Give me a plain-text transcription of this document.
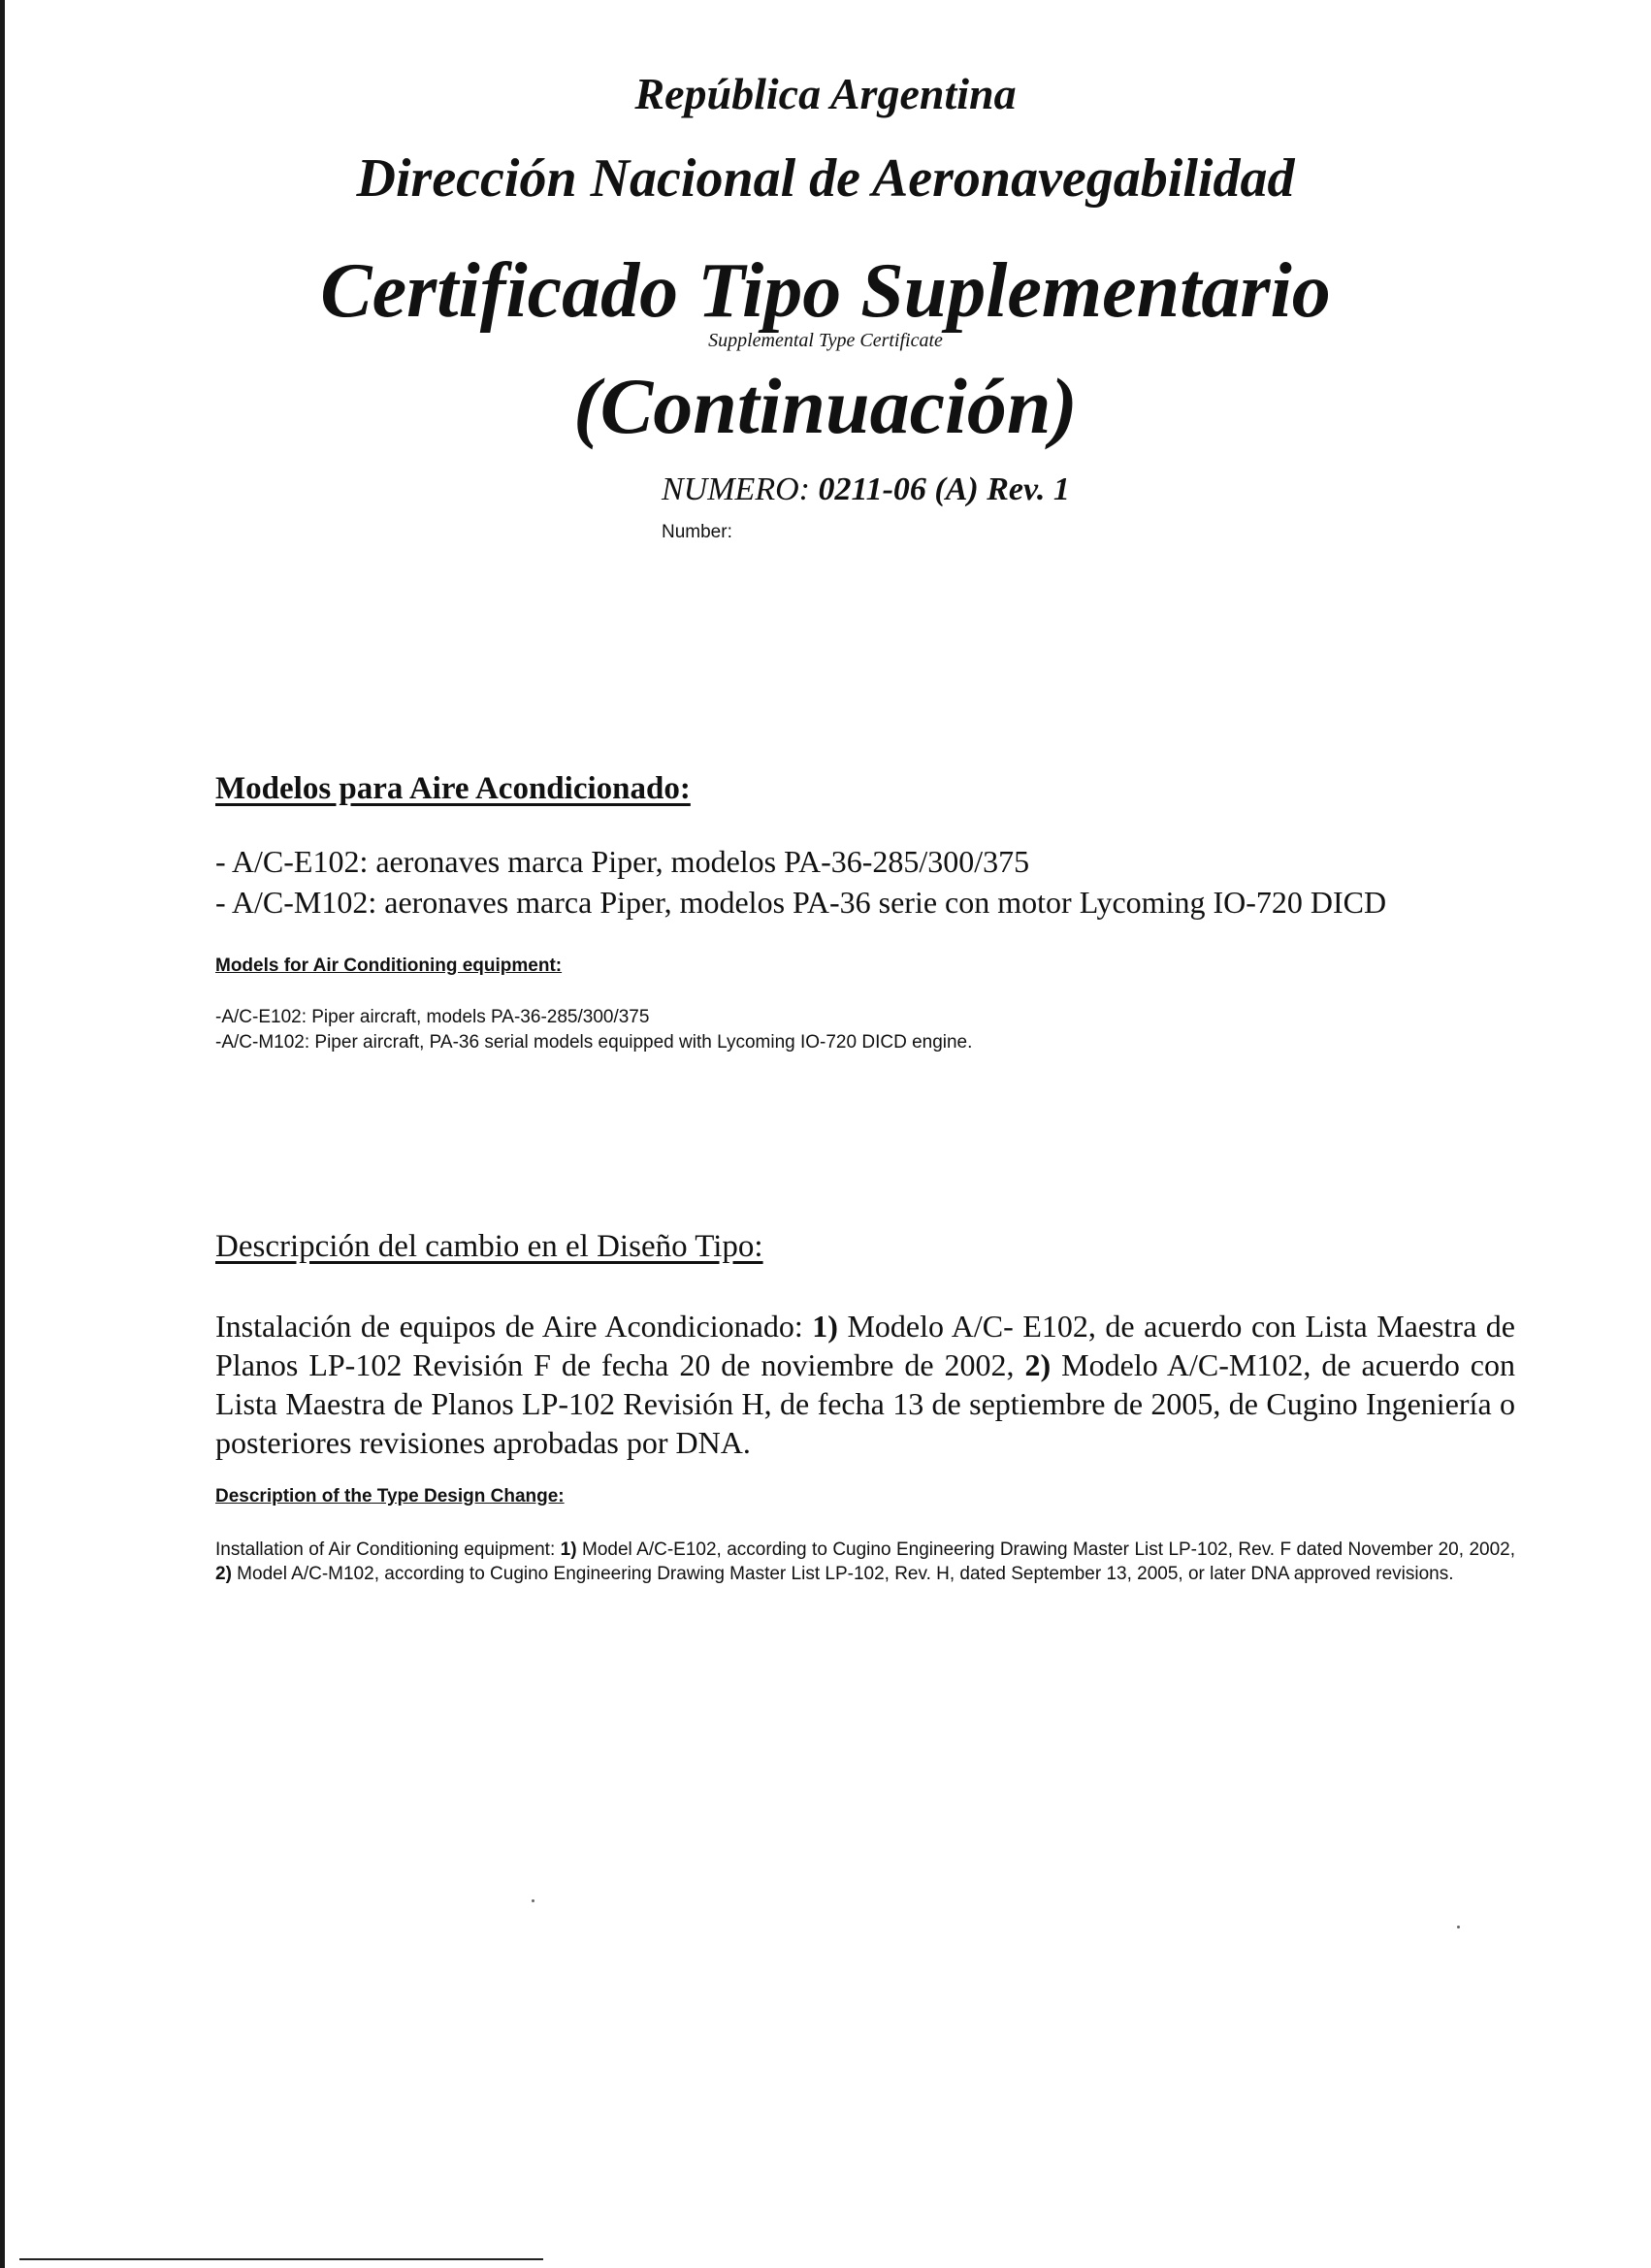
República Argentina
Dirección Nacional de Aeronavegabilidad
Certificado Tipo Suplementario
Supplemental Type Certificate
(Continuación)
NUMERO: 0211-06 (A) Rev. 1
Number:
Modelos para Aire Acondicionado:
- A/C-E102: aeronaves marca Piper, modelos PA-36-285/300/375
- A/C-M102: aeronaves marca Piper, modelos PA-36 serie con motor Lycoming IO-720 DICD
Models for Air Conditioning equipment:
-A/C-E102: Piper aircraft, models PA-36-285/300/375
-A/C-M102: Piper aircraft, PA-36 serial models equipped with Lycoming IO-720 DICD engine.
Descripción del cambio en el Diseño Tipo:
Instalación de equipos de Aire Acondicionado: 1) Modelo A/C- E102, de acuerdo con Lista Maestra de Planos LP-102 Revisión F de fecha 20 de noviembre de 2002, 2) Modelo A/C-M102, de acuerdo con Lista Maestra de Planos LP-102 Revisión H, de fecha 13 de septiembre de 2005, de Cugino Ingeniería o posteriores revisiones aprobadas por DNA.
Description of the Type Design Change:
Installation of Air Conditioning equipment: 1) Model A/C-E102, according to Cugino Engineering Drawing Master List LP-102, Rev. F dated November 20, 2002, 2) Model A/C-M102, according to Cugino Engineering Drawing Master List LP-102, Rev. H, dated September 13, 2005, or later DNA approved revisions.
